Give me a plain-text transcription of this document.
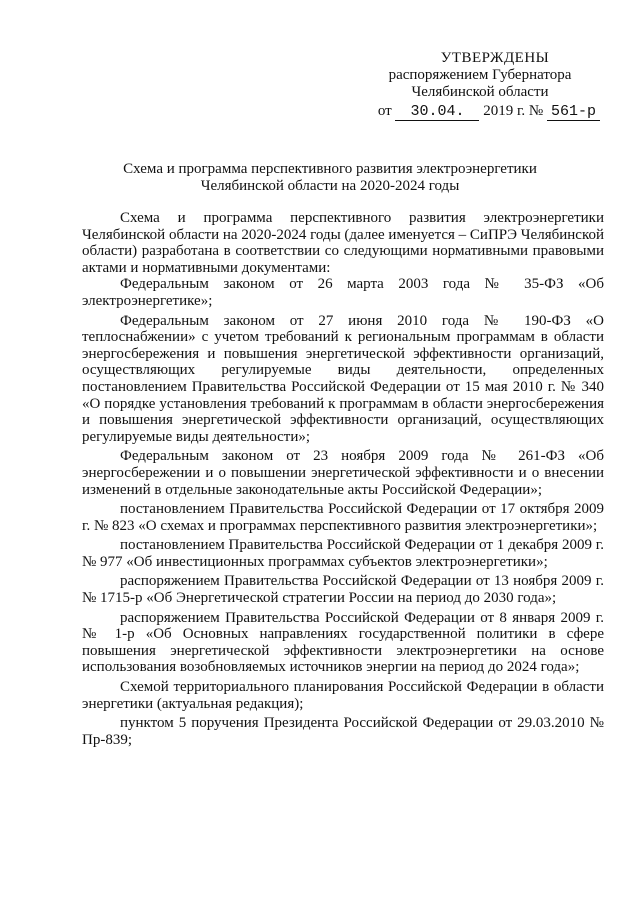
УТВЕРЖДЕНЫ
распоряжением Губернатора
Челябинской области
от 30.04. 2019 г. № 561-р
Схема и программа перспективного развития электроэнергетики
Челябинской области на 2020-2024 годы

Схема и программа перспективного развития электроэнергетики Челябинской области на 2020-2024 годы (далее именуется – СиПРЭ Челябинской области) разработана в соответствии со следующими нормативными правовыми актами и нормативными документами:

Федеральным законом от 26 марта 2003 года № 35-ФЗ «Об электроэнергетике»;

Федеральным законом от 27 июня 2010 года № 190-ФЗ «О теплоснабжении» с учетом требований к региональным программам в области энергосбережения и повышения энергетической эффективности организаций, осуществляющих регулируемые виды деятельности, определенных постановлением Правительства Российской Федерации от 15 мая 2010 г. № 340 «О порядке установления требований к программам в области энергосбережения и повышения энергетической эффективности организаций, осуществляющих регулируемые виды деятельности»;

Федеральным законом от 23 ноября 2009 года № 261-ФЗ «Об энергосбережении и о повышении энергетической эффективности и о внесении изменений в отдельные законодательные акты Российской Федерации»;

постановлением Правительства Российской Федерации от 17 октября 2009 г. № 823 «О схемах и программах перспективного развития электроэнергетики»;

постановлением Правительства Российской Федерации от 1 декабря 2009 г. № 977 «Об инвестиционных программах субъектов электроэнергетики»;

распоряжением Правительства Российской Федерации от 13 ноября 2009 г. № 1715-р «Об Энергетической стратегии России на период до 2030 года»;

распоряжением Правительства Российской Федерации от 8 января 2009 г. № 1-р «Об Основных направлениях государственной политики в сфере повышения энергетической эффективности электроэнергетики на основе использования возобновляемых источников энергии на период до 2024 года»;

Схемой территориального планирования Российской Федерации в области энергетики (актуальная редакция);

пунктом 5 поручения Президента Российской Федерации от 29.03.2010 № Пр-839;
